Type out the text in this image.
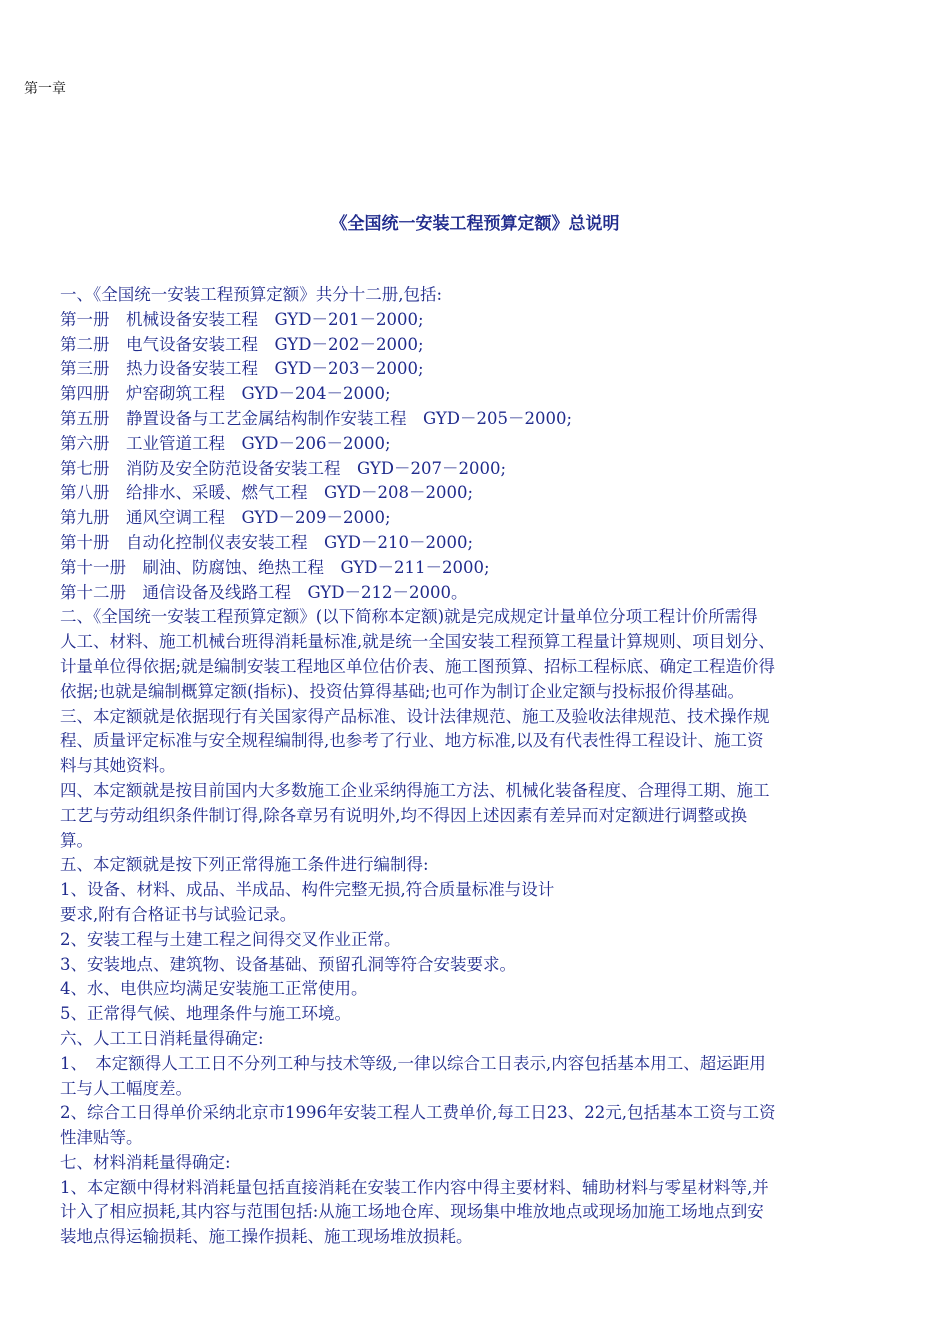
第一章
《全国统一安装工程预算定额》总说明
一、《全国统一安装工程预算定额》共分十二册,包括:
第一册　机械设备安装工程　GYD－201－2000;
第二册　电气设备安装工程　GYD－202－2000;
第三册　热力设备安装工程　GYD－203－2000;
第四册　炉窑砌筑工程　GYD－204－2000;
第五册　静置设备与工艺金属结构制作安装工程　GYD－205－2000;
第六册　工业管道工程　GYD－206－2000;
第七册　消防及安全防范设备安装工程　GYD－207－2000;
第八册　给排水、采暖、燃气工程　GYD－208－2000;
第九册　通风空调工程　GYD－209－2000;
第十册　自动化控制仪表安装工程　GYD－210－2000;
第十一册　刷油、防腐蚀、绝热工程　GYD－211－2000;
第十二册　通信设备及线路工程　GYD－212－2000。
二、《全国统一安装工程预算定额》(以下简称本定额)就是完成规定计量单位分项工程计价所需得
人工、材料、施工机械台班得消耗量标准,就是统一全国安装工程预算工程量计算规则、项目划分、
计量单位得依据;就是编制安装工程地区单位估价表、施工图预算、招标工程标底、确定工程造价得
依据;也就是编制概算定额(指标)、投资估算得基础;也可作为制订企业定额与投标报价得基础。
三、本定额就是依据现行有关国家得产品标准、设计法律规范、施工及验收法律规范、技术操作规
程、质量评定标准与安全规程编制得,也参考了行业、地方标准,以及有代表性得工程设计、施工资
料与其她资料。
四、本定额就是按目前国内大多数施工企业采纳得施工方法、机械化装备程度、合理得工期、施工
工艺与劳动组织条件制订得,除各章另有说明外,均不得因上述因素有差异而对定额进行调整或换
算。
五、本定额就是按下列正常得施工条件进行编制得:
1、设备、材料、成品、半成品、构件完整无损,符合质量标准与设计
要求,附有合格证书与试验记录。
2、安装工程与土建工程之间得交叉作业正常。
3、安装地点、建筑物、设备基础、预留孔洞等符合安装要求。
4、水、电供应均满足安装施工正常使用。
5、正常得气候、地理条件与施工环境。
六、人工工日消耗量得确定:
1、　本定额得人工工日不分列工种与技术等级,一律以综合工日表示,内容包括基本用工、超运距用
工与人工幅度差。
2、综合工日得单价采纳北京市1996年安装工程人工费单价,每工日23、22元,包括基本工资与工资
性津贴等。
七、材料消耗量得确定:
1、本定额中得材料消耗量包括直接消耗在安装工作内容中得主要材料、辅助材料与零星材料等,并
计入了相应损耗,其内容与范围包括:从施工场地仓库、现场集中堆放地点或现场加施工场地点到安
装地点得运输损耗、施工操作损耗、施工现场堆放损耗。
